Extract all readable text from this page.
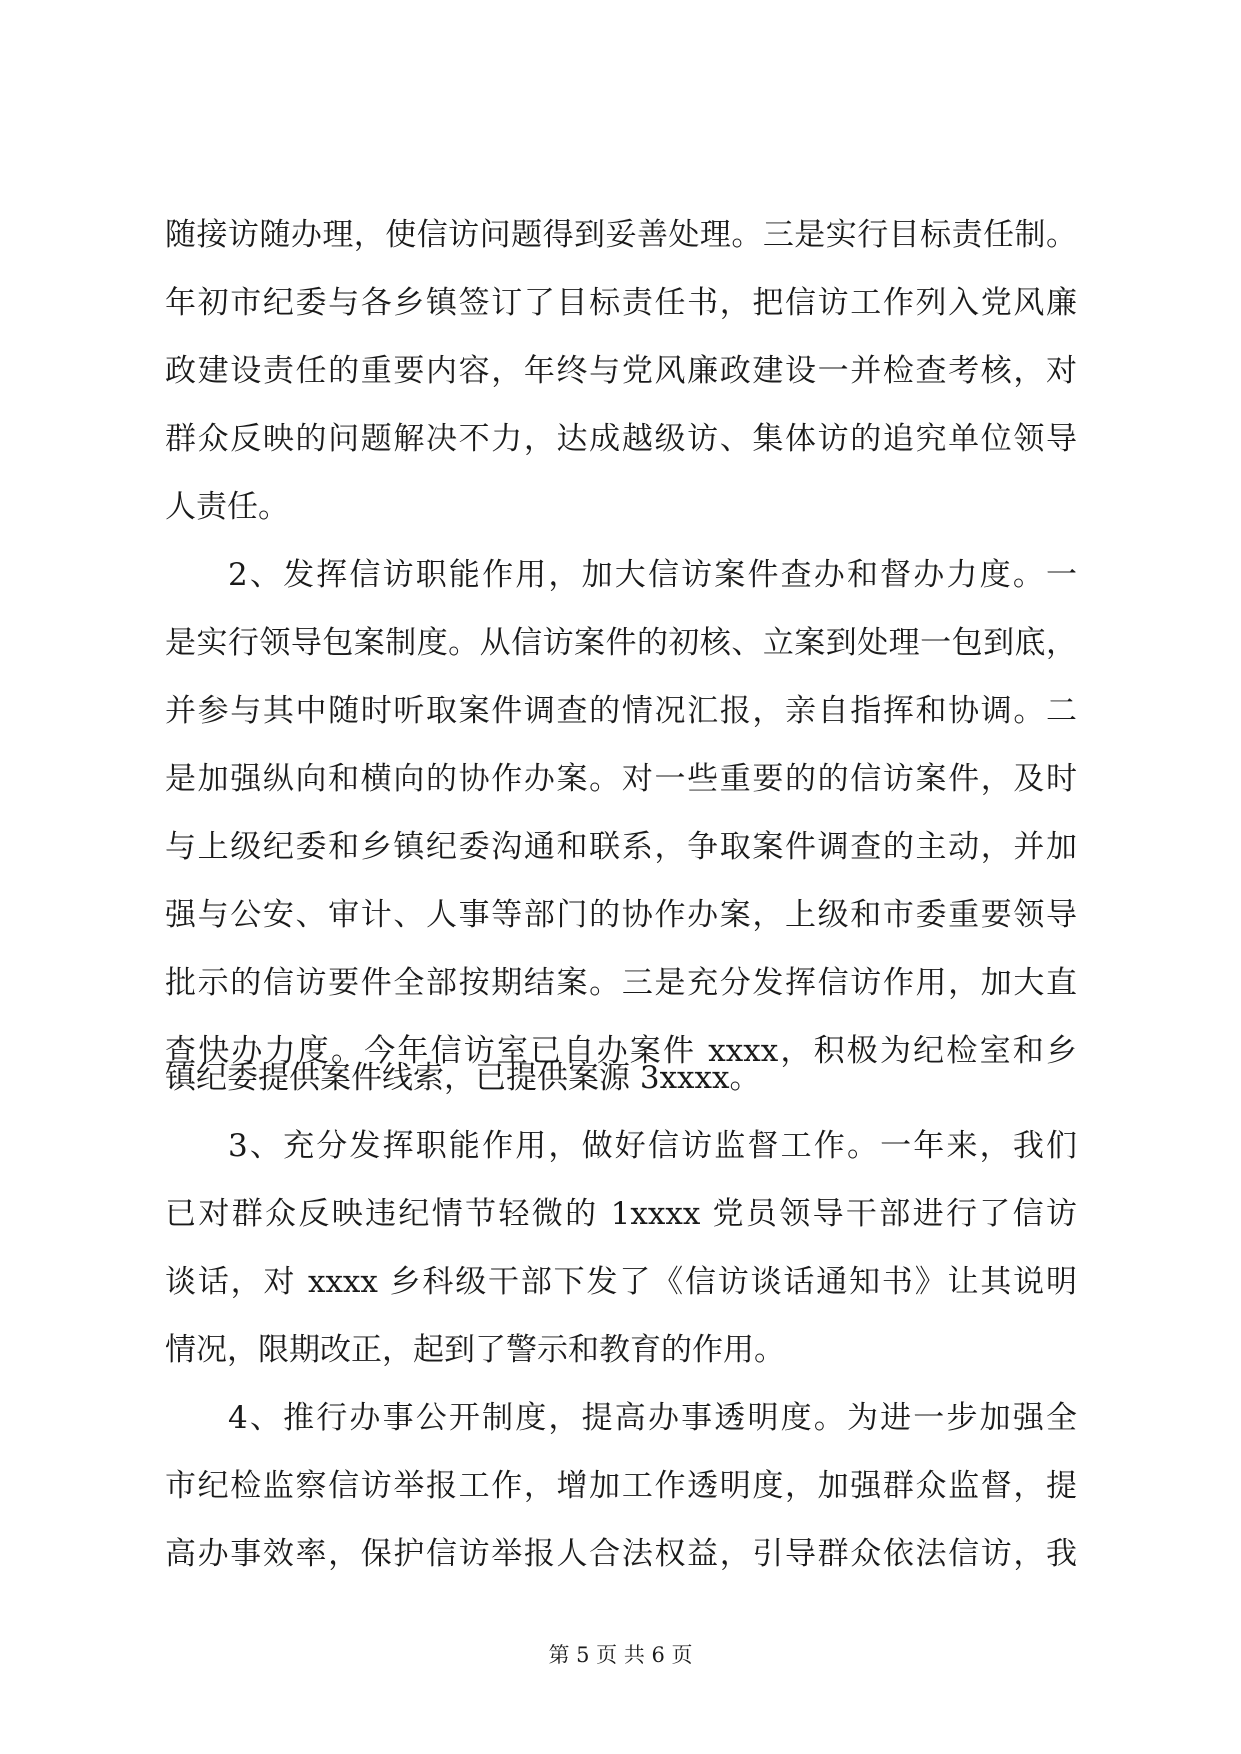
随接访随办理，使信访问题得到妥善处理。三是实行目标责任制。
年初市纪委与各乡镇签订了目标责任书，把信访工作列入党风廉
政建设责任的重要内容，年终与党风廉政建设一并检查考核，对
群众反映的问题解决不力，达成越级访、集体访的追究单位领导
人责任。
2、发挥信访职能作用，加大信访案件查办和督办力度。一
是实行领导包案制度。从信访案件的初核、立案到处理一包到底，
并参与其中随时听取案件调查的情况汇报，亲自指挥和协调。二
是加强纵向和横向的协作办案。对一些重要的的信访案件，及时
与上级纪委和乡镇纪委沟通和联系，争取案件调查的主动，并加
强与公安、审计、人事等部门的协作办案，上级和市委重要领导
批示的信访要件全部按期结案。三是充分发挥信访作用，加大直
查快办力度。今年信访室已自办案件 xxxx，积极为纪检室和乡
镇纪委提供案件线索，已提供案源 3xxxx。
3、充分发挥职能作用，做好信访监督工作。一年来，我们
已对群众反映违纪情节轻微的 1xxxx 党员领导干部进行了信访
谈话，对 xxxx 乡科级干部下发了《信访谈话通知书》让其说明
情况，限期改正，起到了警示和教育的作用。
4、推行办事公开制度，提高办事透明度。为进一步加强全
市纪检监察信访举报工作，增加工作透明度，加强群众监督，提
第 5 页 共 6 页
高办事效率，保护信访举报人合法权益，引导群众依法信访，我
